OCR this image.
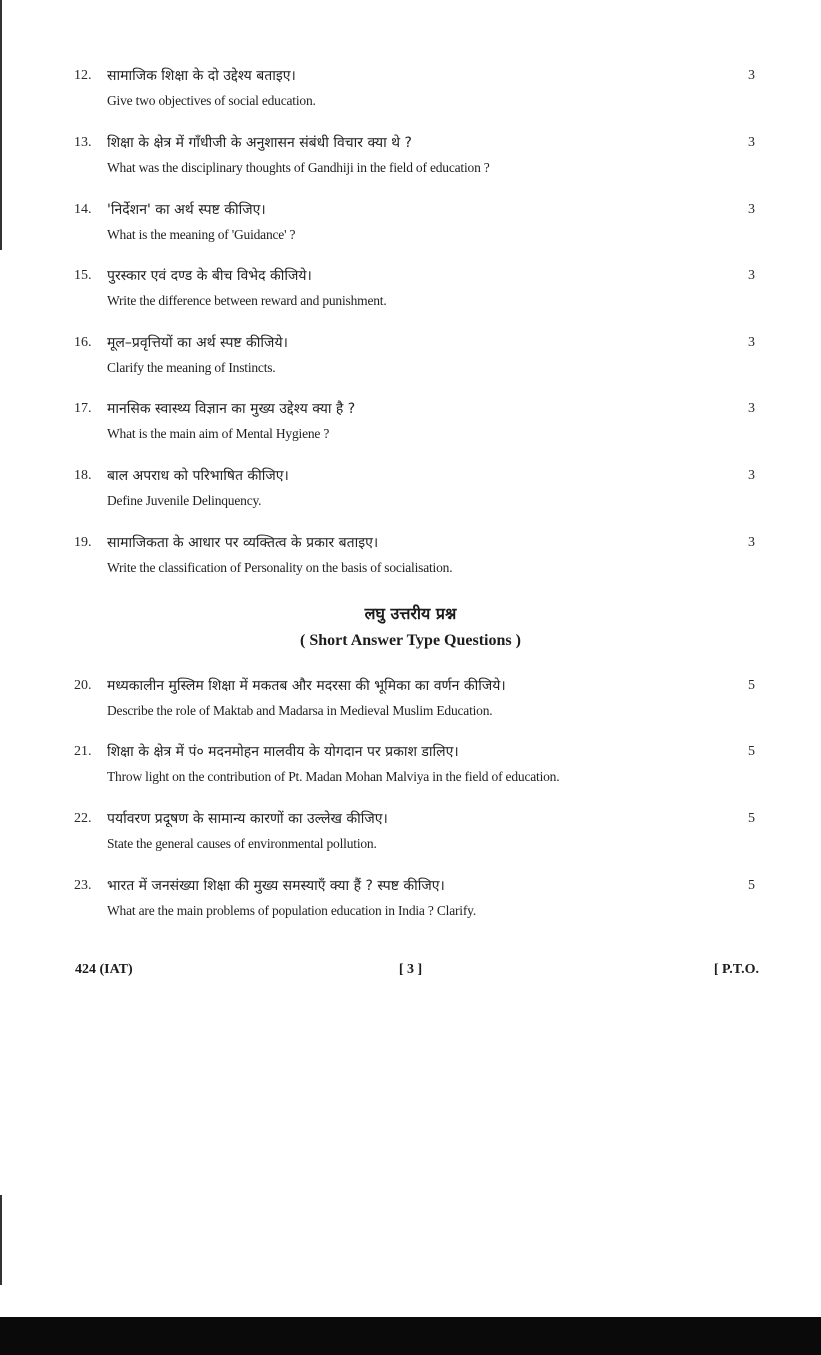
12. सामाजिक शिक्षा के दो उद्देश्य बताइए।
Give two objectives of social education.
3
13. शिक्षा के क्षेत्र में गाँधीजी के अनुशासन संबंधी विचार क्या थे ?
What was the disciplinary thoughts of Gandhiji in the field of education ?
3
14. 'निर्देशन' का अर्थ स्पष्ट कीजिए।
What is the meaning of 'Guidance' ?
3
15. पुरस्कार एवं दण्ड के बीच विभेद कीजिये।
Write the difference between reward and punishment.
3
16. मूल–प्रवृत्तियों का अर्थ स्पष्ट कीजिये।
Clarify the meaning of Instincts.
3
17. मानसिक स्वास्थ्य विज्ञान का मुख्य उद्देश्य क्या है ?
What is the main aim of Mental Hygiene ?
3
18. बाल अपराध को परिभाषित कीजिए।
Define Juvenile Delinquency.
3
19. सामाजिकता के आधार पर व्यक्तित्व के प्रकार बताइए।
Write the classification of Personality on the basis of socialisation.
3
लघु उत्तरीय प्रश्न
( Short Answer Type Questions )
20. मध्यकालीन मुस्लिम शिक्षा में मकतब और मदरसा की भूमिका का वर्णन कीजिये।
Describe the role of Maktab and Madarsa in Medieval Muslim Education.
5
21. शिक्षा के क्षेत्र में पं० मदनमोहन मालवीय के योगदान पर प्रकाश डालिए।
Throw light on the contribution of Pt. Madan Mohan Malviya in the field of education.
5
22. पर्यावरण प्रदूषण के सामान्य कारणों का उल्लेख कीजिए।
State the general causes of environmental pollution.
5
23. भारत में जनसंख्या शिक्षा की मुख्य समस्याएँ क्या हैं ? स्पष्ट कीजिए।
What are the main problems of population education in India ? Clarify.
5
424 (IAT)	[ 3 ]	[ P.T.O.
